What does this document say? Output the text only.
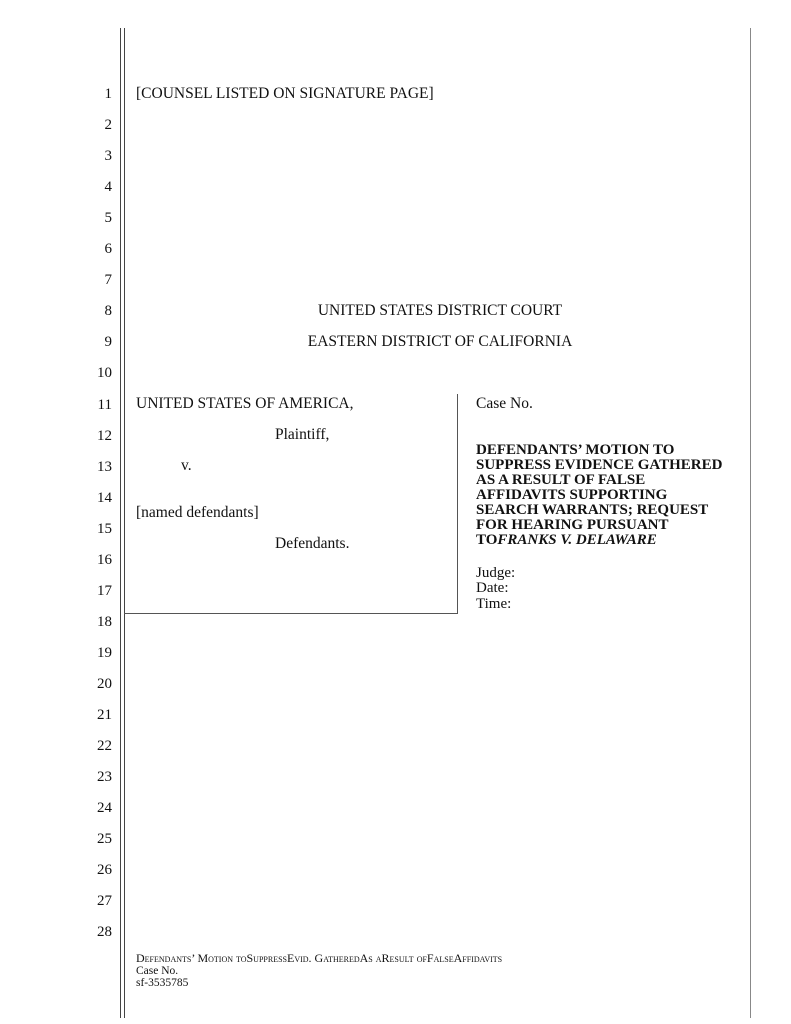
1
2
3
4
5
6
7
8
9
10
11
12
13
14
15
16
17
18
19
20
21
22
23
24
25
26
27
28
[COUNSEL LISTED ON SIGNATURE PAGE]
UNITED STATES DISTRICT COURT
EASTERN DISTRICT OF CALIFORNIA
UNITED STATES OF AMERICA,
Plaintiff,
v.
[named defendants]
Defendants.
Case No.
DEFENDANTS’ MOTION TO
SUPPRESS EVIDENCE GATHERED
AS A RESULT OF FALSE
AFFIDAVITS SUPPORTING
SEARCH WARRANTS; REQUEST
FOR HEARING PURSUANT
TOFRANKS V. DELAWARE
Judge:
Date:
Time:
Defendants’ Motion toSuppressEvid. GatheredAs aResult ofFalseAffidavits
Case No.
sf-3535785
